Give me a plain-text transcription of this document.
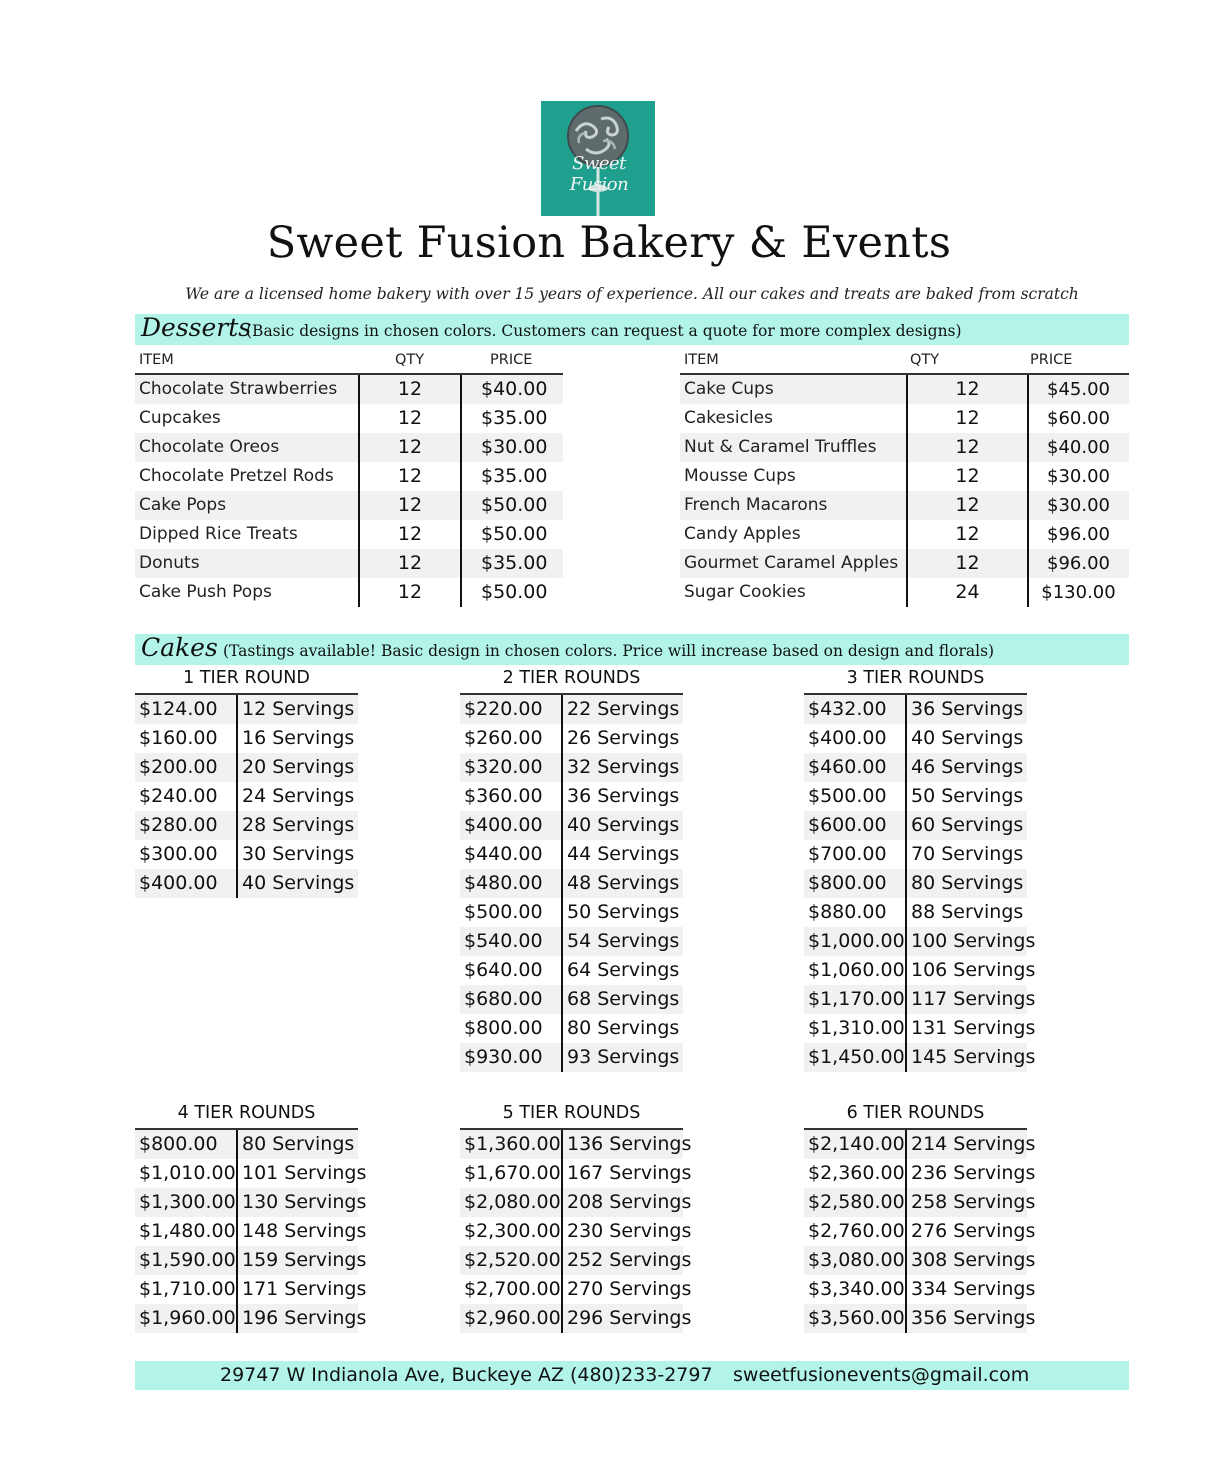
Sweet Fusion
Sweet Fusion Bakery & Events
We are a licensed home bakery with over 15 years of experience. All our cakes and treats are baked from scratch
Desserts
(Basic designs in chosen colors. Customers can request a quote for more complex designs)
ITEM	QTY	PRICE	ITEM	QTY	PRICE
Chocolate Strawberries	12	$40.00
Cupcakes	12	$35.00
Chocolate Oreos	12	$30.00
Chocolate Pretzel Rods	12	$35.00
Cake Pops	12	$50.00
Dipped Rice Treats	12	$50.00
Donuts	12	$35.00
Cake Push Pops	12	$50.00
Cake Cups	12	$45.00
Cakesicles	12	$60.00
Nut & Caramel Truffles	12	$40.00
Mousse Cups	12	$30.00
French Macarons	12	$30.00
Candy Apples	12	$96.00
Gourmet Caramel Apples	12	$96.00
Sugar Cookies	24	$130.00
Cakes (Tastings available! Basic design in chosen colors. Price will increase based on design and florals)
1 TIER ROUND
$124.00 12 Servings
$160.00 16 Servings
$200.00 20 Servings
$240.00 24 Servings
$280.00 28 Servings
$300.00 30 Servings
$400.00 40 Servings
2 TIER ROUNDS
$220.00 22 Servings
$260.00 26 Servings
$320.00 32 Servings
$360.00 36 Servings
$400.00 40 Servings
$440.00 44 Servings
$480.00 48 Servings
$500.00 50 Servings
$540.00 54 Servings
$640.00 64 Servings
$680.00 68 Servings
$800.00 80 Servings
$930.00 93 Servings
3 TIER ROUNDS
$432.00 36 Servings
$400.00 40 Servings
$460.00 46 Servings
$500.00 50 Servings
$600.00 60 Servings
$700.00 70 Servings
$800.00 80 Servings
$880.00 88 Servings
$1,000.00 100 Servings
$1,060.00 106 Servings
$1,170.00 117 Servings
$1,310.00 131 Servings
$1,450.00 145 Servings
4 TIER ROUNDS
$800.00 80 Servings
$1,010.00 101 Servings
$1,300.00 130 Servings
$1,480.00 148 Servings
$1,590.00 159 Servings
$1,710.00 171 Servings
$1,960.00 196 Servings
5 TIER ROUNDS
$1,360.00 136 Servings
$1,670.00 167 Servings
$2,080.00 208 Servings
$2,300.00 230 Servings
$2,520.00 252 Servings
$2,700.00 270 Servings
$2,960.00 296 Servings
6 TIER ROUNDS
$2,140.00 214 Servings
$2,360.00 236 Servings
$2,580.00 258 Servings
$2,760.00 276 Servings
$3,080.00 308 Servings
$3,340.00 334 Servings
$3,560.00 356 Servings
29747 W Indianola Ave, Buckeye AZ (480)233-2797 sweetfusionevents@gmail.com
